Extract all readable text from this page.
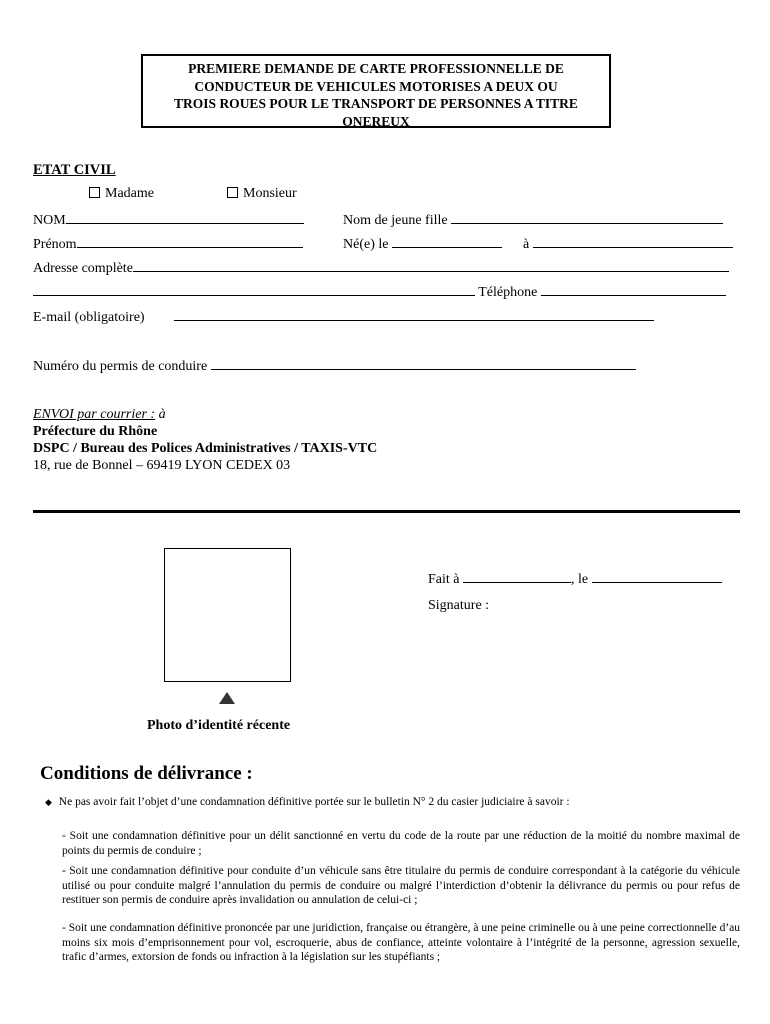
PREMIERE DEMANDE DE CARTE PROFESSIONNELLE DE
CONDUCTEUR DE VEHICULES MOTORISES A DEUX OU
TROIS ROUES POUR LE TRANSPORT DE PERSONNES A TITRE
ONEREUX
ETAT CIVIL
Madame	Monsieur
NOM	Nom de jeune fille
Prénom	Né(e) le	à
Adresse complète
Téléphone
E-mail (obligatoire)
Numéro du permis de conduire
ENVOI par courrier : à
Préfecture du Rhône
DSPC / Bureau des Polices Administratives / TAXIS-VTC
18, rue de Bonnel – 69419 LYON CEDEX 03
Photo d’identité récente
Fait à	, le
Signature :
Conditions de délivrance :
◆ Ne pas avoir fait l’objet d’une condamnation définitive portée sur le bulletin N° 2 du casier judiciaire à savoir :
- Soit une condamnation définitive pour un délit sanctionné en vertu du code de la route par une réduction de la moitié du nombre maximal de points du permis de conduire ;
- Soit une condamnation définitive pour conduite d’un véhicule sans être titulaire du permis de conduire correspondant à la catégorie du véhicule utilisé ou pour conduite malgré l’annulation du permis de conduire ou malgré l’interdiction d’obtenir la délivrance du permis ou pour refus de restituer son permis de conduire après invalidation ou annulation de celui-ci ;
- Soit une condamnation définitive prononcée par une juridiction, française ou étrangère, à une peine criminelle ou à une peine correctionnelle d’au moins six mois d’emprisonnement pour vol, escroquerie, abus de confiance, atteinte volontaire à l’intégrité de la personne, agression sexuelle, trafic d’armes, extorsion de fonds ou infraction à la législation sur les stupéfiants ;
